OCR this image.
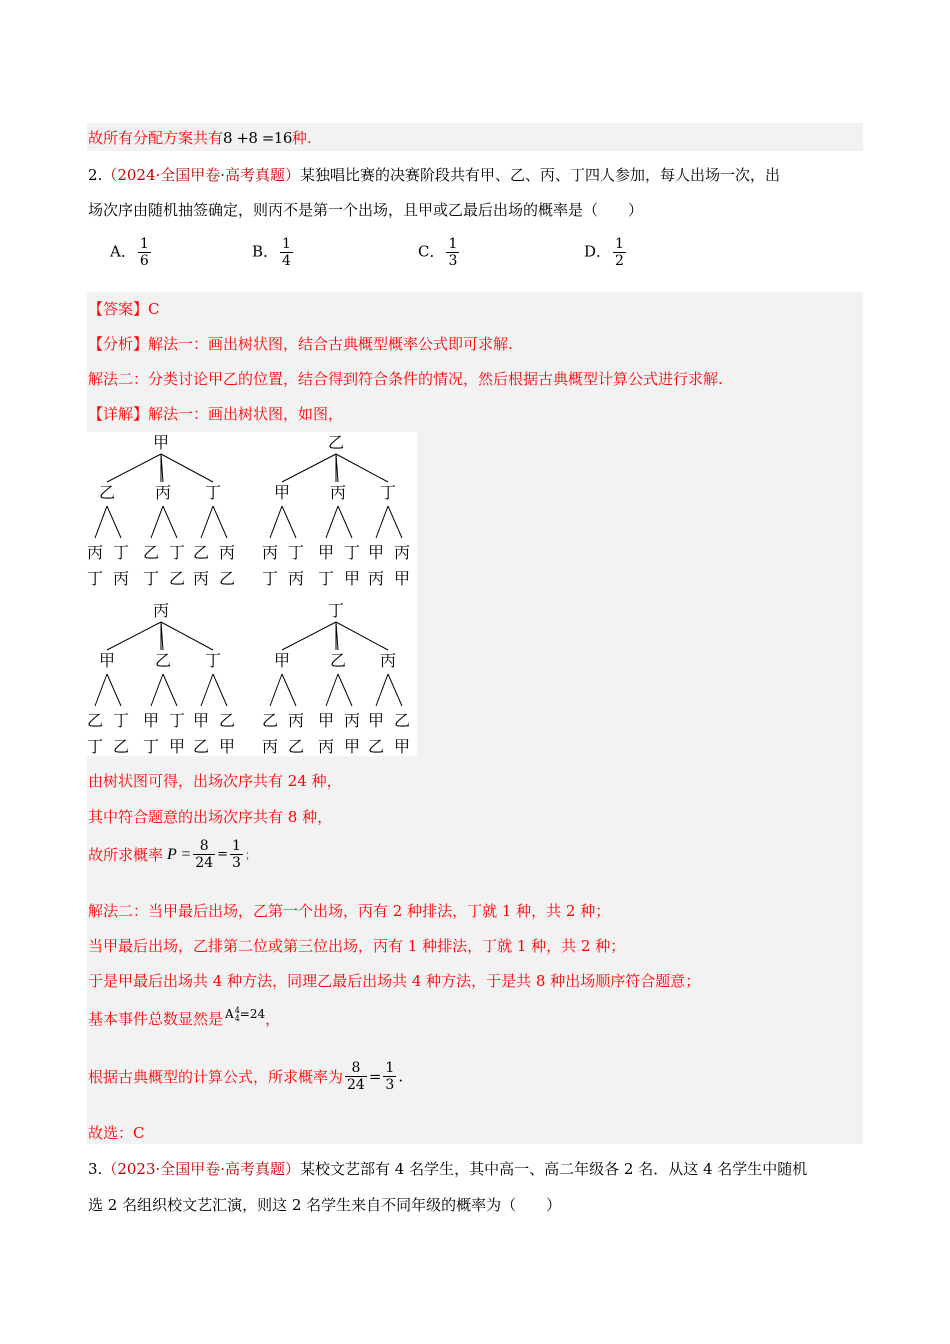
故所有分配方案共有8 +8 =16种.
2.（2024·全国甲卷·高考真题）某独唱比赛的决赛阶段共有甲、乙、丙、丁四人参加，每人出场一次，出
场次序由随机抽签确定，则丙不是第一个出场，且甲或乙最后出场的概率是（　　）
A． $\frac{1}{6}$	B． $\frac{1}{4}$	C． $\frac{1}{3}$	D． $\frac{1}{2}$
【答案】C
【分析】解法一：画出树状图，结合古典概型概率公式即可求解.
解法二：分类讨论甲乙的位置，结合得到符合条件的情况，然后根据古典概型计算公式进行求解.
【详解】解法一：画出树状图，如图，
甲
乙 丙 丁
丙 丁 乙 丁 乙 丙
丁 丙 丁 乙 丙 乙
乙
甲 丙 丁
丙 丁 甲 丁 甲 丙
丁 丙 丁 甲 丙 甲
丙
甲 乙 丁
乙 丁 甲 丁 甲 乙
丁 乙 丁 甲 乙 甲
丁
甲 乙 丙
乙 丙 甲 丙 甲 乙
丙 乙 丙 甲 乙 甲
由树状图可得，出场次序共有 24 种，
其中符合题意的出场次序共有 8 种，
故所求概率 $P = \frac{8}{24} = \frac{1}{3}$ ；
解法二：当甲最后出场，乙第一个出场，丙有 2 种排法，丁就 1 种，共 2 种；
当甲最后出场，乙排第二位或第三位出场，丙有 1 种排法，丁就 1 种，共 2 种；
于是甲最后出场共 4 种方法，同理乙最后出场共 4 种方法，于是共 8 种出场顺序符合题意；
基本事件总数显然是 $^{A 4 4 =24}$，
根据古典概型的计算公式，所求概率为 $\frac{8}{24} = \frac{1}{3}$ .
故选：C
3.（2023·全国甲卷·高考真题）某校文艺部有 4 名学生，其中高一、高二年级各 2 名．从这 4 名学生中随机
选 2 名组织校文艺汇演，则这 2 名学生来自不同年级的概率为（　　）
